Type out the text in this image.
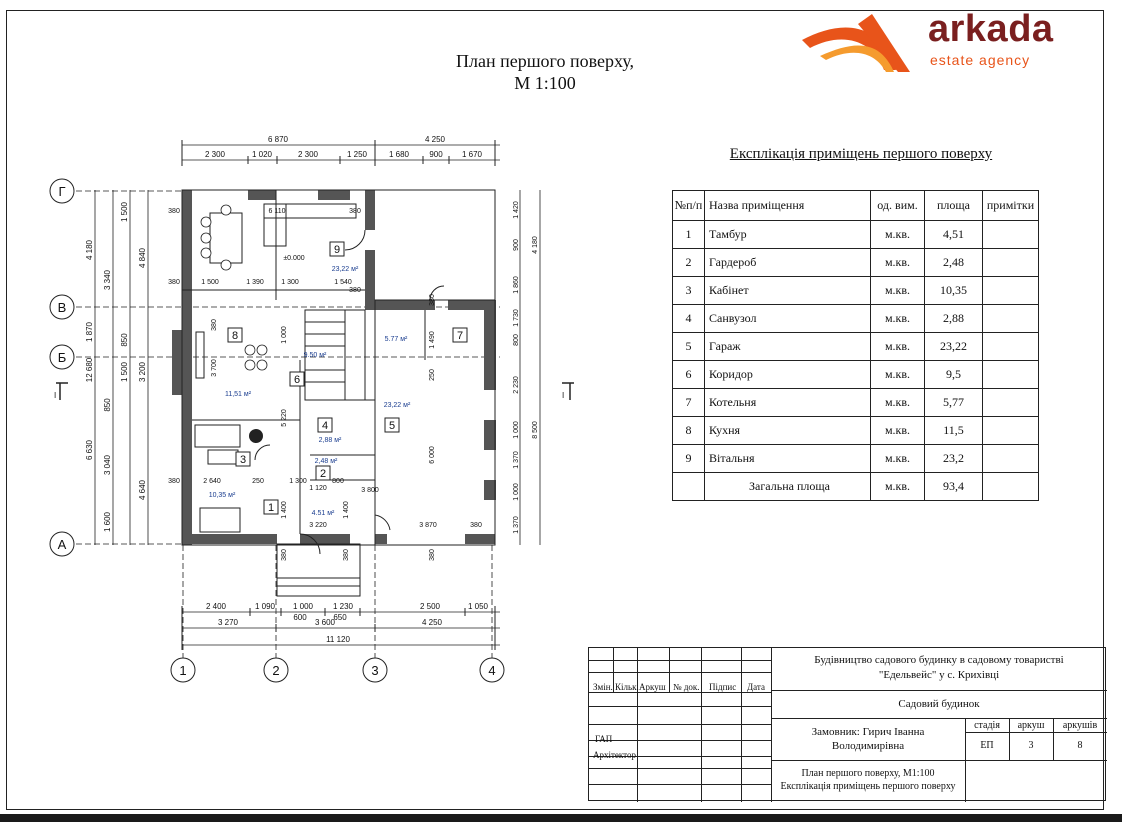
План першого поверху,
М 1:100
arkada
estate agency
Г
В
Б
А
1	2	3	4
6 870	4 250
2 300	1 020	2 300	1 250	1 680	900 1 670
2 400	1 090 1 000 1 230	2 500	1 050
600	650
3 270	3 600	4 250
11 120
4 180
1 870
6 630
12 680
3 340
850
3 040
1 600
1 500
4 840
1 500 3 200
850
4 640
1 420
900
1 860
1 730
800
2 230
1 000
1 370
1 000
1 370
4 180
8 500
9
8	7
6
5
4
3
2
1
23,22 м²
11,51 м²
5.77 м²
9.50 м²
23,22 м²
2,88 м²
10,35 м²
2,48 м²
4.51 м²
380	6 110	380
1 500	1 390 1 300	1 540
380
3 700
1 000
5 220
2 640	1 300	800
1 120
3 220	3 870
6 000
1 490
250
250
1 400	1 400
3 800
±0.000
380
380
380
380	380	380
380
380
I	I
Експлікація приміщень першого поверху
№п/п	Назва приміщення	од. вим.	площа	примітки
1	Тамбур	м.кв.	4,51	
2	Гардероб	м.кв.	2,48	
3	Кабінет	м.кв.	10,35	
4	Санвузол	м.кв.	2,88	
5	Гараж	м.кв.	23,22	
6	Коридор	м.кв.	9,5	
7	Котельня	м.кв.	5,77	
8	Кухня	м.кв.	11,5	
9	Вітальня	м.кв.	23,2	
	Загальна площа	м.кв.	93,4	
Змін. Кільк. Аркуш № док. Підпис Дата
ГАП
Архітектор
Будівництво садового будинку в садовому товаристві
"Едельвейс" у с. Крихівці
Садовий будинок
Замовник: Гирич Іванна
Володимирівна
План першого поверху, М1:100
Експлікація приміщень першого поверху
стадія	аркуш	аркушів
ЕП	3	8
